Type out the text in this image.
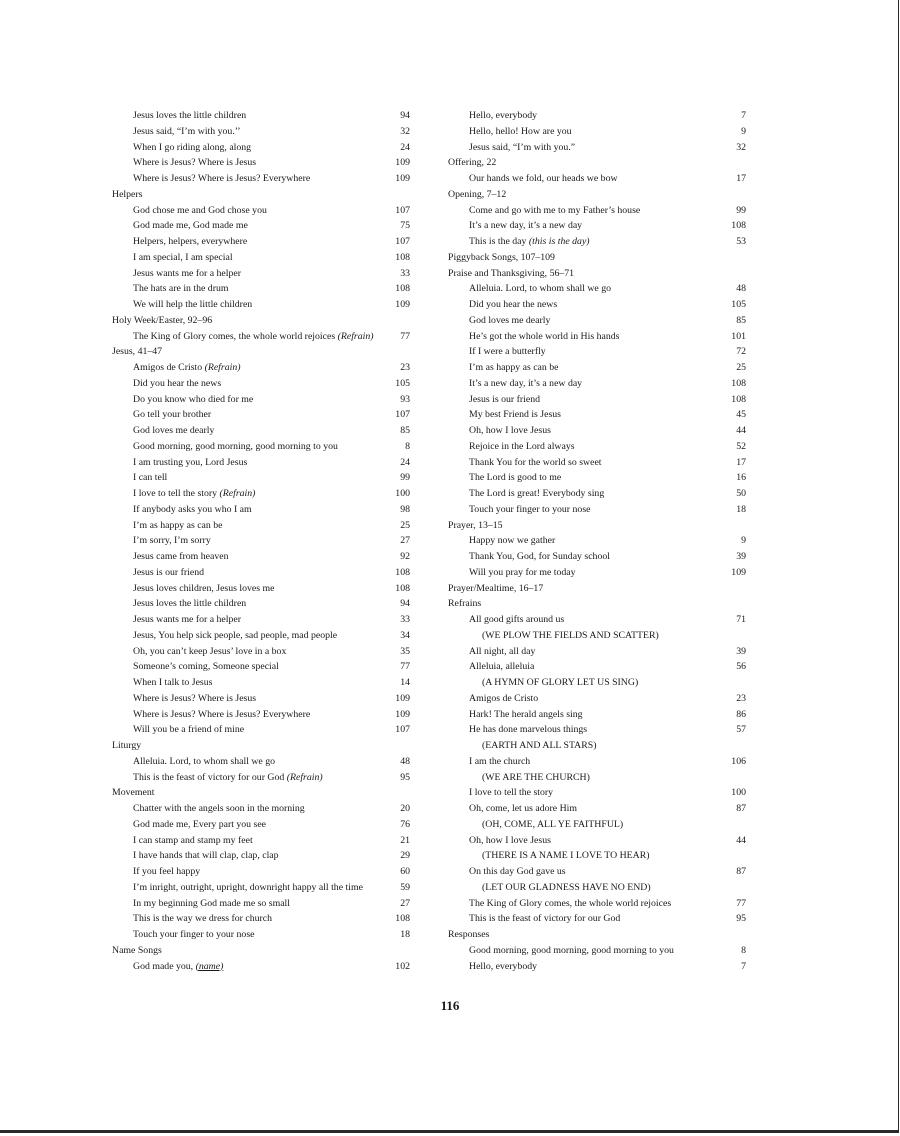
Jesus loves the little children	94
Jesus said, “I’m with you.’’	32
When I go riding along, along	24
Where is Jesus? Where is Jesus	109
Where is Jesus? Where is Jesus? Everywhere	109
Helpers
God chose me and God chose you	107
God made me, God made me	75
Helpers, helpers, everywhere	107
I am special, I am special	108
Jesus wants me for a helper	33
The hats are in the drum	108
We will help the little children	109
Holy Week/Easter, 92–96
The King of Glory comes, the whole world rejoices (Refrain)	77
Jesus, 41–47
Amigos de Cristo (Refrain)	23
Did you hear the news	105
Do you know who died for me	93
Go tell your brother	107
God loves me dearly	85
Good morning, good morning, good morning to you	8
I am trusting you, Lord Jesus	24
I can tell	99
I love to tell the story (Refrain)	100
If anybody asks you who I am	98
I’m as happy as can be	25
I’m sorry, I’m sorry	27
Jesus came from heaven	92
Jesus is our friend	108
Jesus loves children, Jesus loves me	108
Jesus loves the little children	94
Jesus wants me for a helper	33
Jesus, You help sick people, sad people, mad people	34
Oh, you can’t keep Jesus’ love in a box	35
Someone’s coming, Someone special	77
When I talk to Jesus	14
Where is Jesus? Where is Jesus	109
Where is Jesus? Where is Jesus? Everywhere	109
Will you be a friend of mine	107
Liturgy
Alleluia. Lord, to whom shall we go	48
This is the feast of victory for our God (Refrain)	95
Movement
Chatter with the angels soon in the morning	20
God made me, Every part you see	76
I can stamp and stamp my feet	21
I have hands that will clap, clap, clap	29
If you feel happy	60
I’m inright, outright, upright, downright happy all the time	59
In my beginning God made me so small	27
This is the way we dress for church	108
Touch your finger to your nose	18
Name Songs
God made you, (name)	102
Hello, everybody	7
Hello, hello! How are you	9
Jesus said, “I’m with you.”	32
Offering, 22
Our hands we fold, our heads we bow	17
Opening, 7–12
Come and go with me to my Father’s house	99
It’s a new day, it’s a new day	108
This is the day (this is the day)	53
Piggyback Songs, 107–109
Praise and Thanksgiving, 56–71
Alleluia. Lord, to whom shall we go	48
Did you hear the news	105
God loves me dearly	85
He’s got the whole world in His hands	101
If I were a butterfly	72
I’m as happy as can be	25
It’s a new day, it’s a new day	108
Jesus is our friend	108
My best Friend is Jesus	45
Oh, how I love Jesus	44
Rejoice in the Lord always	52
Thank You for the world so sweet	17
The Lord is good to me	16
The Lord is great! Everybody sing	50
Touch your finger to your nose	18
Prayer, 13–15
Happy now we gather	9
Thank You, God, for Sunday school	39
Will you pray for me today	109
Prayer/Mealtime, 16–17
Refrains
All good gifts around us	71
(WE PLOW THE FIELDS AND SCATTER)
All night, all day	39
Alleluia, alleluia	56
(A HYMN OF GLORY LET US SING)
Amigos de Cristo	23
Hark! The herald angels sing	86
He has done marvelous things	57
(EARTH AND ALL STARS)
I am the church	106
(WE ARE THE CHURCH)
I love to tell the story	100
Oh, come, let us adore Him	87
(OH, COME, ALL YE FAITHFUL)
Oh, how I love Jesus	44
(THERE IS A NAME I LOVE TO HEAR)
On this day God gave us	87
(LET OUR GLADNESS HAVE NO END)
The King of Glory comes, the whole world rejoices	77
This is the feast of victory for our God	95
Responses
Good morning, good morning, good morning to you	8
Hello, everybody	7
116
